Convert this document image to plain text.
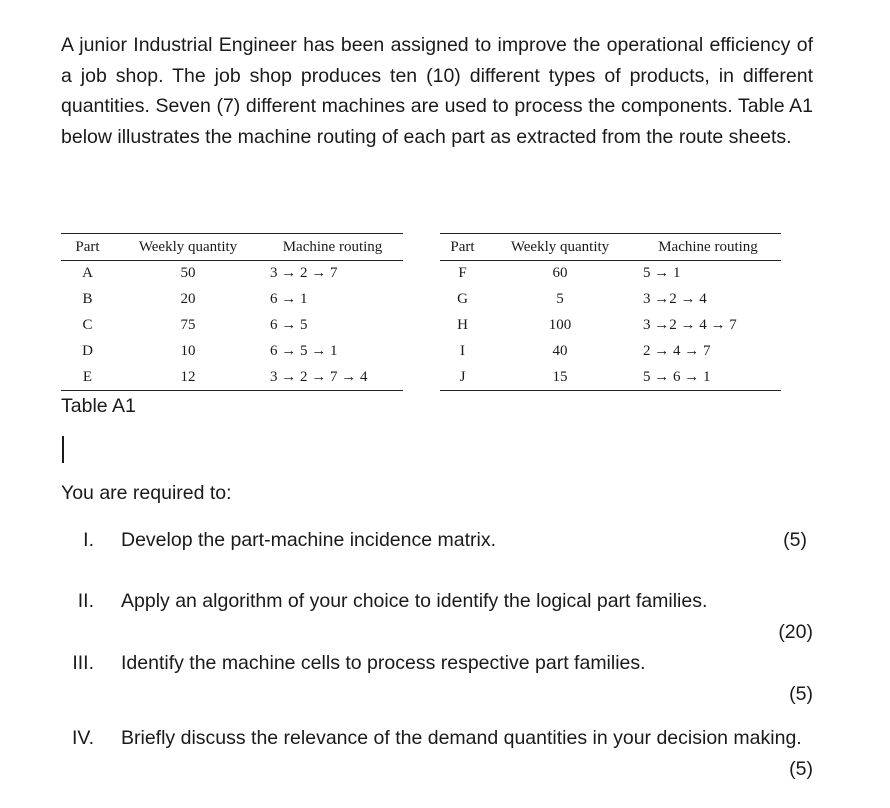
A junior Industrial Engineer has been assigned to improve the operational efficiency of a job shop. The job shop produces ten (10) different types of products, in different quantities. Seven (7) different machines are used to process the components. Table A1 below illustrates the machine routing of each part as extracted from the route sheets.

Part	Weekly quantity	Machine routing
A	50	3 → 2 → 7
B	20	6 → 1
C	75	6 → 5
D	10	6 → 5 → 1
E	12	3 → 2 → 7 → 4
Part	Weekly quantity	Machine routing
F	60	5 → 1
G	5	3 →2 → 4
H	100	3 →2 → 4 → 7
I	40	2 → 4 → 7
J	15	5 → 6 → 1

Table A1

You are required to:

I. Develop the part-machine incidence matrix.	(5)
II. Apply an algorithm of your choice to identify the logical part families.
(20)
III. Identify the machine cells to process respective part families.
(5)
IV. Briefly discuss the relevance of the demand quantities in your decision making.
(5)
